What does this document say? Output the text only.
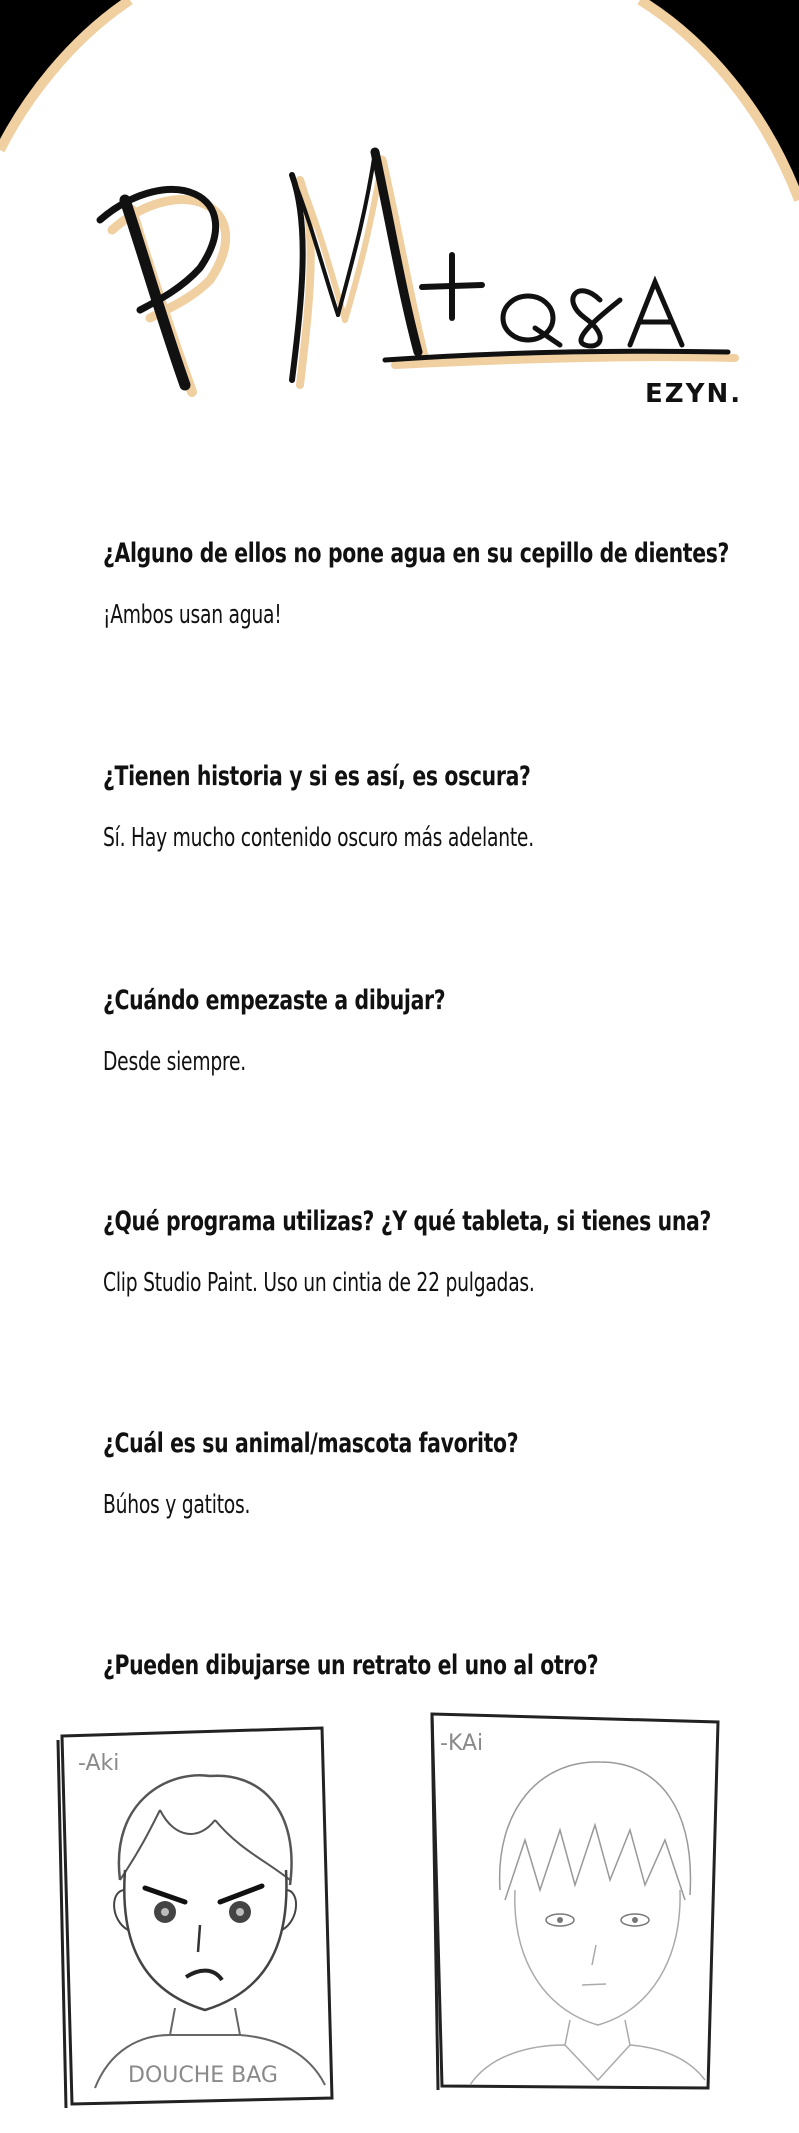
EZYN.

¿Alguno de ellos no pone agua en su cepillo de dientes?

¡Ambos usan agua!

¿Tienen historia y si es así, es oscura?

Sí. Hay mucho contenido oscuro más adelante.

¿Cuándo empezaste a dibujar?

Desde siempre.

¿Qué programa utilizas? ¿Y qué tableta, si tienes una?

Clip Studio Paint. Uso un cintia de 22 pulgadas.

¿Cuál es su animal/mascota favorito?

Búhos y gatitos.

¿Pueden dibujarse un retrato el uno al otro?

-Aki
DOUCHE BAG
-KAi
